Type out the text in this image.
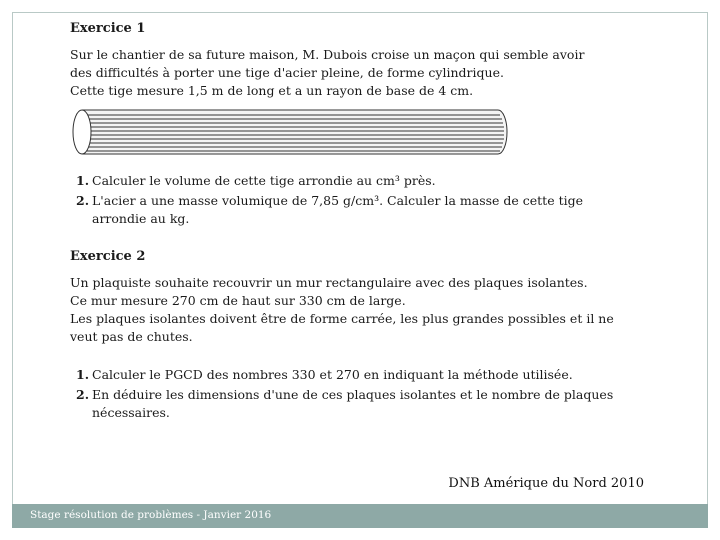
Exercice 1

Sur le chantier de sa future maison, M. Dubois croise un maçon qui semble avoir

des difficultés à porter une tige d'acier pleine, de forme cylindrique.

Cette tige mesure 1,5 m de long et a un rayon de base de 4 cm.

1. Calculer le volume de cette tige arrondie au cm³ près.
2. L'acier a une masse volumique de 7,85 g/cm³. Calculer la masse de cette tige arrondie au kg.
Exercice 2

Un plaquiste souhaite recouvrir un mur rectangulaire avec des plaques isolantes.

Ce mur mesure 270 cm de haut sur 330 cm de large.

Les plaques isolantes doivent être de forme carrée, les plus grandes possibles et il ne veut pas de chutes.

1. Calculer le PGCD des nombres 330 et 270 en indiquant la méthode utilisée.
2. En déduire les dimensions d'une de ces plaques isolantes et le nombre de plaques nécessaires.
DNB Amérique du Nord 2010
Stage résolution de problèmes - Janvier 2016
